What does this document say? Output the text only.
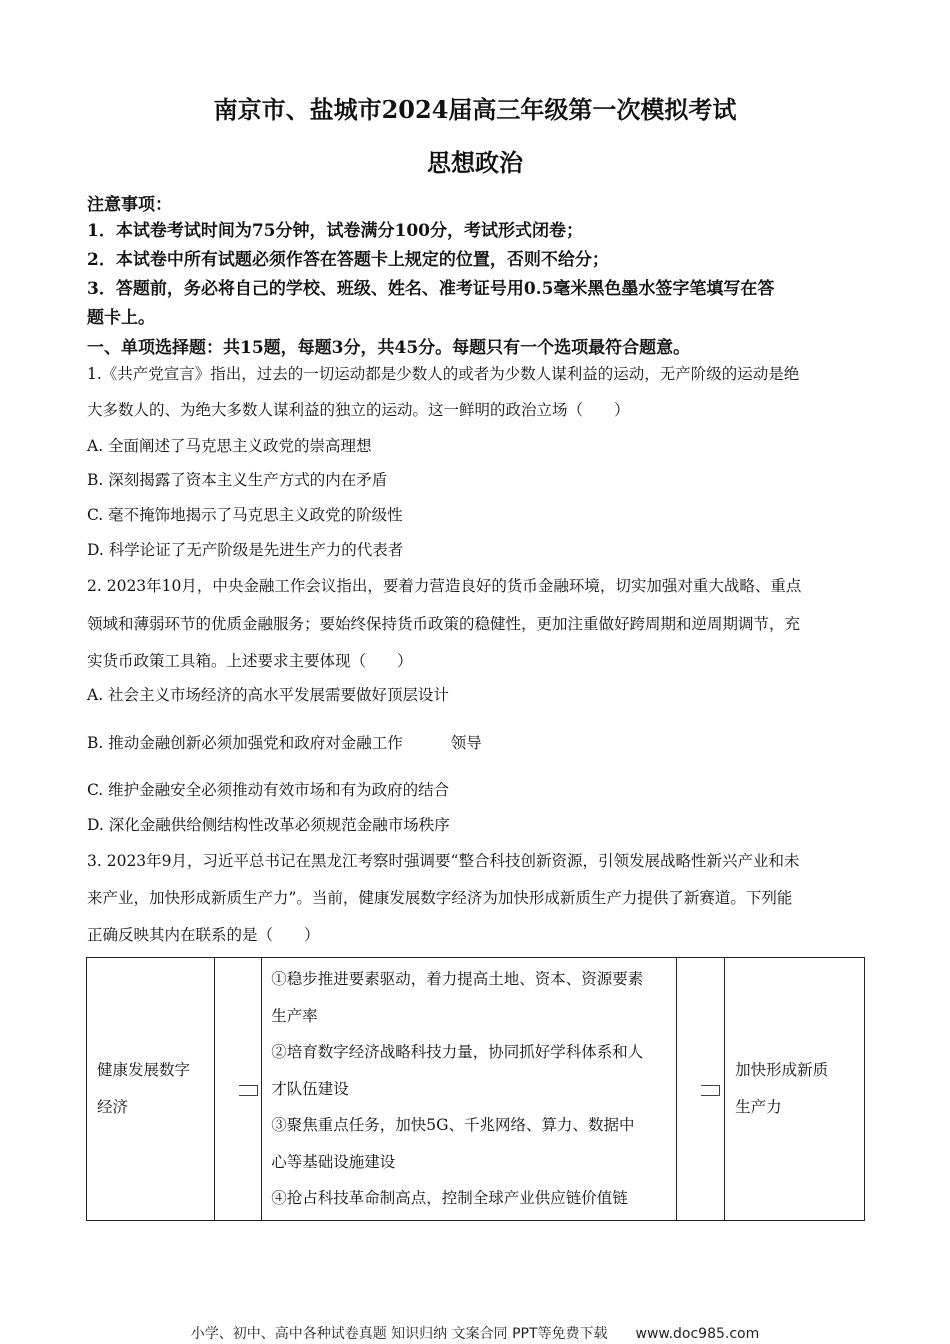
南京市、盐城市2024届高三年级第一次模拟考试
思想政治
注意事项：
1．本试卷考试时间为75分钟，试卷满分100分，考试形式闭卷；
2．本试卷中所有试题必须作答在答题卡上规定的位置，否则不给分；
3．答题前，务必将自己的学校、班级、姓名、准考证号用0.5毫米黑色墨水签字笔填写在答
题卡上。
一、单项选择题：共15题，每题3分，共45分。每题只有一个选项最符合题意。
1.《共产党宣言》指出，过去的一切运动都是少数人的或者为少数人谋利益的运动，无产阶级的运动是绝
大多数人的、为绝大多数人谋利益的独立的运动。这一鲜明的政治立场（　　）
A. 全面阐述了马克思主义政党的崇高理想
B. 深刻揭露了资本主义生产方式的内在矛盾
C. 毫不掩饰地揭示了马克思主义政党的阶级性
D. 科学论证了无产阶级是先进生产力的代表者
2. 2023年10月，中央金融工作会议指出，要着力营造良好的货币金融环境，切实加强对重大战略、重点
领域和薄弱环节的优质金融服务；要始终保持货币政策的稳健性，更加注重做好跨周期和逆周期调节，充
实货币政策工具箱。上述要求主要体现（　　）
A. 社会主义市场经济的高水平发展需要做好顶层设计
B. 推动金融创新必须加强党和政府对金融工作	领导
C. 维护金融安全必须推动有效市场和有为政府的结合
D. 深化金融供给侧结构性改革必须规范金融市场秩序
3. 2023年9月，习近平总书记在黑龙江考察时强调要“整合科技创新资源，引领发展战略性新兴产业和未
来产业，加快形成新质生产力”。当前，健康发展数字经济为加快形成新质生产力提供了新赛道。下列能
正确反映其内在联系的是（　　）
健康发展数字
经济

①稳步推进要素驱动，着力提高土地、资本、资源要素
生产率
②培育数字经济战略科技力量，协同抓好学科体系和人
才队伍建设
③聚焦重点任务，加快5G、千兆网络、算力、数据中
心等基础设施建设
④抢占科技革命制高点，控制全球产业供应链价值链

加快形成新质
生产力
小学、初中、高中各种试卷真题 知识归纳 文案合同 PPT等免费下载 www.doc985.com
